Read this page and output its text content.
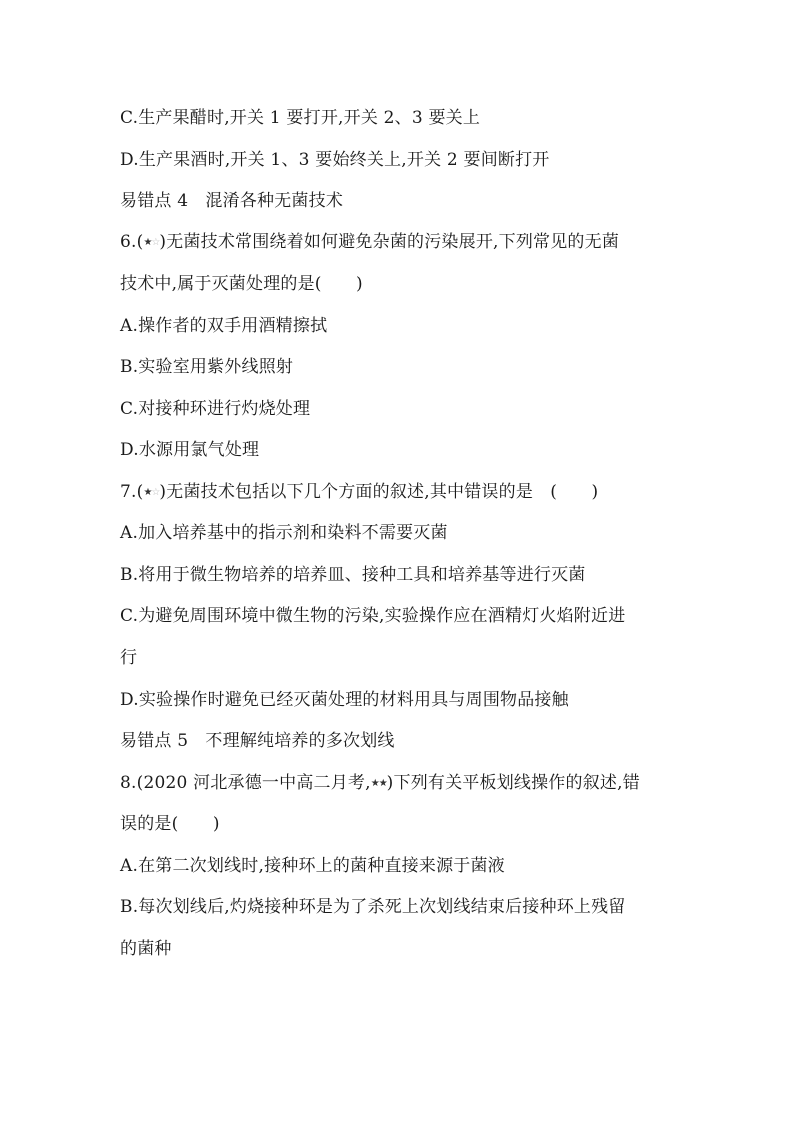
C.生产果醋时,开关 1 要打开,开关 2、3 要关上
D.生产果酒时,开关 1、3 要始终关上,开关 2 要间断打开
易错点 4　混淆各种无菌技术
6.(★☆)无菌技术常围绕着如何避免杂菌的污染展开,下列常见的无菌
技术中,属于灭菌处理的是(　　)
A.操作者的双手用酒精擦拭
B.实验室用紫外线照射
C.对接种环进行灼烧处理
D.水源用氯气处理
7.(★☆)无菌技术包括以下几个方面的叙述,其中错误的是　(　　)
A.加入培养基中的指示剂和染料不需要灭菌
B.将用于微生物培养的培养皿、接种工具和培养基等进行灭菌
C.为避免周围环境中微生物的污染,实验操作应在酒精灯火焰附近进
行
D.实验操作时避免已经灭菌处理的材料用具与周围物品接触
易错点 5　不理解纯培养的多次划线
8.(2020 河北承德一中高二月考,★★)下列有关平板划线操作的叙述,错
误的是(　　)
A.在第二次划线时,接种环上的菌种直接来源于菌液
B.每次划线后,灼烧接种环是为了杀死上次划线结束后接种环上残留
的菌种
